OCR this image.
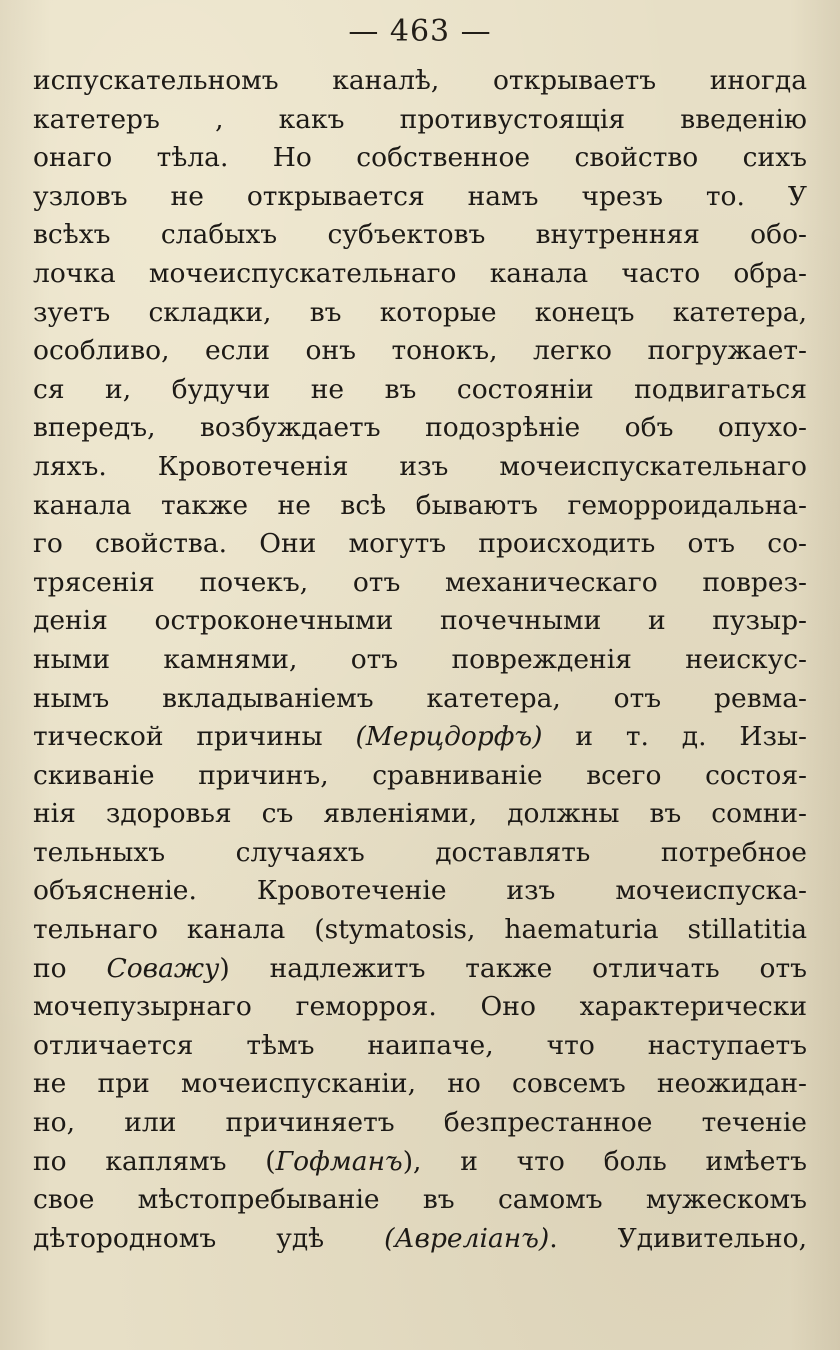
— 463 —
испускательномъ каналѣ, открываетъ иногда
катетеръ , какъ противустоящія введенію
онаго тѣла. Но собственное свойство сихъ
узловъ не открывается намъ чрезъ то. У
всѣхъ слабыхъ субъектовъ внутренняя обо-
лочка мочеиспускательнаго канала часто обра-
зуетъ складки, въ которые конецъ катетера,
особливо, если онъ тонокъ, легко погружает-
ся и, будучи не въ состояніи подвигаться
впередъ, возбуждаетъ подозрѣніе объ опухо-
ляхъ. Кровотеченія изъ мочеиспускательнаго
канала также не всѣ бываютъ геморроидальна-
го свойства. Они могутъ происходить отъ со-
трясенія почекъ, отъ механическаго поврез-
денія остроконечными почечными и пузыр-
ными камнями, отъ поврежденія неискус-
нымъ вкладываніемъ катетера, отъ ревма-
тической причины (Мерцдорфъ) и т. д. Изы-
скиваніе причинъ, сравниваніе всего состоя-
нія здоровья съ явленіями, должны въ сомни-
тельныхъ случаяхъ доставлять потребное
объясненіе. Кровотеченіе изъ мочеиспуска-
тельнаго канала (stymatosis, haematuria stillatitia
по Соважу) надлежитъ также отличать отъ
мочепузырнаго геморроя. Оно характерически
отличается тѣмъ наипаче, что наступаетъ
не при мочеиспусканіи, но совсемъ неожидан-
но, или причиняетъ безпрестанное теченіе
по каплямъ (Гофманъ), и что боль имѣетъ
свое мѣстопребываніе въ самомъ мужескомъ
дѣтородномъ удѣ (Авреліанъ). Удивительно,
